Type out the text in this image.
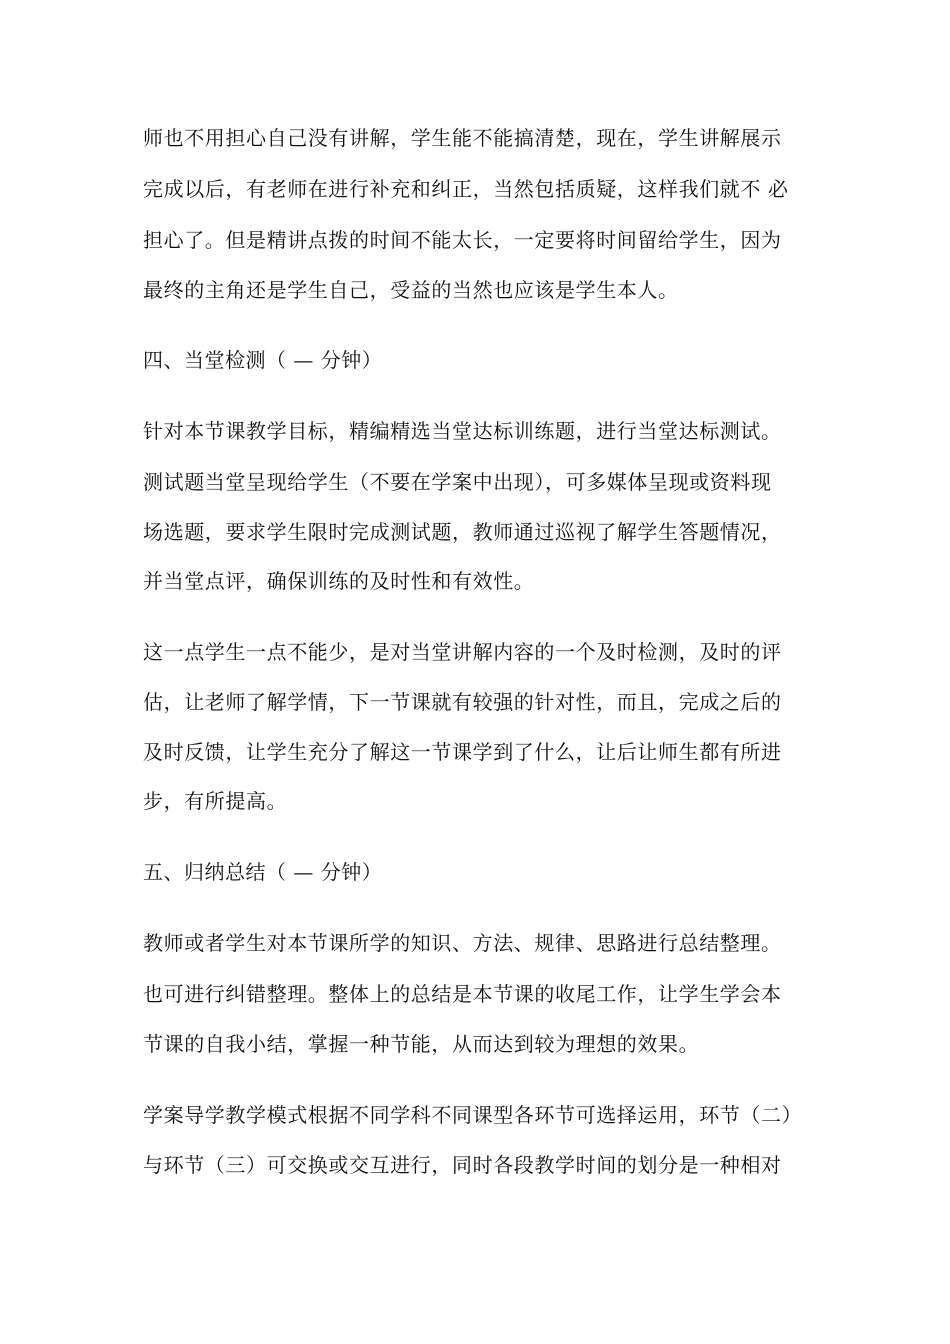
师也不用担心自己没有讲解，学生能不能搞清楚，现在，学生讲解展示
完成以后，有老师在进行补充和纠正，当然包括质疑，这样我们就不 必
担心了。但是精讲点拨的时间不能太长，一定要将时间留给学生，因为
最终的主角还是学生自己，受益的当然也应该是学生本人。
四、当堂检测（ — 分钟）
针对本节课教学目标，精编精选当堂达标训练题，进行当堂达标测试。
测试题当堂呈现给学生（不要在学案中出现），可多媒体呈现或资料现
场选题，要求学生限时完成测试题，教师通过巡视了解学生答题情况，
并当堂点评，确保训练的及时性和有效性。
这一点学生一点不能少，是对当堂讲解内容的一个及时检测，及时的评
估，让老师了解学情，下一节课就有较强的针对性，而且，完成之后的
及时反馈，让学生充分了解这一节课学到了什么，让后让师生都有所进
步，有所提高。
五、归纳总结（ — 分钟）
教师或者学生对本节课所学的知识、方法、规律、思路进行总结整理。
也可进行纠错整理。整体上的总结是本节课的收尾工作，让学生学会本
节课的自我小结，掌握一种节能，从而达到较为理想的效果。
学案导学教学模式根据不同学科不同课型各环节可选择运用，环节（二）
与环节（三）可交换或交互进行，同时各段教学时间的划分是一种相对
